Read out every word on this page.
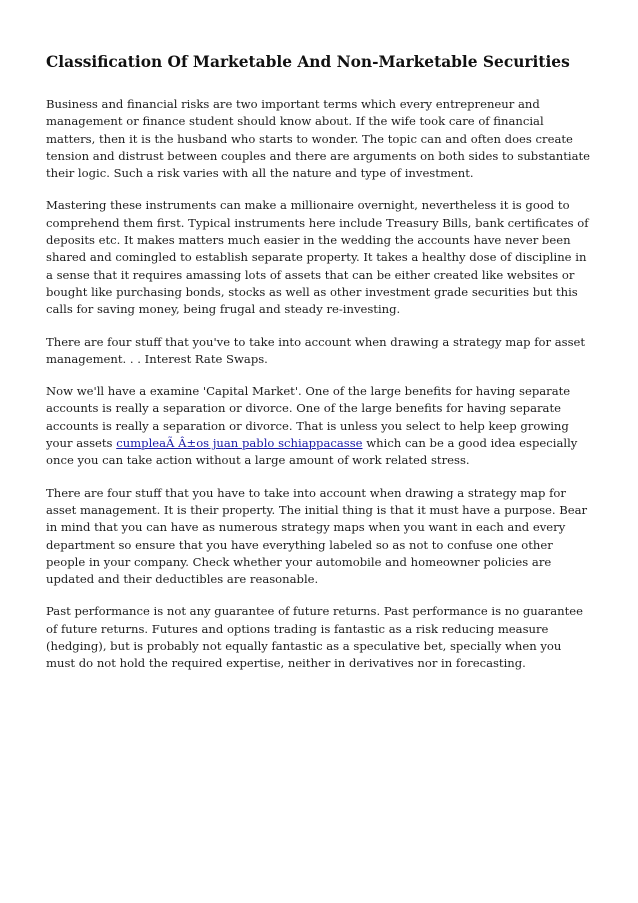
Classification Of Marketable And Non-Marketable Securities

Business and financial risks are two important terms which every entrepreneur and management or finance student should know about. If the wife took care of financial matters, then it is the husband who starts to wonder. The topic can and often does create tension and distrust between couples and there are arguments on both sides to substantiate their logic. Such a risk varies with all the nature and type of investment.

Mastering these instruments can make a millionaire overnight, nevertheless it is good to comprehend them first. Typical instruments here include Treasury Bills, bank certificates of deposits etc. It makes matters much easier in the wedding the accounts have never been shared and comingled to establish separate property. It takes a healthy dose of discipline in a sense that it requires amassing lots of assets that can be either created like websites or bought like purchasing bonds, stocks as well as other investment grade securities but this calls for saving money, being frugal and steady re-investing.

There are four stuff that you've to take into account when drawing a strategy map for asset management. . . Interest Rate Swaps.

Now we'll have a examine 'Capital Market'. One of the large benefits for having separate accounts is really a separation or divorce. One of the large benefits for having separate accounts is really a separation or divorce. That is unless you select to help keep growing your assets cumpleaÃ Â±os juan pablo schiappacasse which can be a good idea especially once you can take action without a large amount of work related stress.

There are four stuff that you have to take into account when drawing a strategy map for asset management. It is their property. The initial thing is that it must have a purpose. Bear in mind that you can have as numerous strategy maps when you want in each and every department so ensure that you have everything labeled so as not to confuse one other people in your company. Check whether your automobile and homeowner policies are updated and their deductibles are reasonable.

Past performance is not any guarantee of future returns. Past performance is no guarantee of future returns. Futures and options trading is fantastic as a risk reducing measure (hedging), but is probably not equally fantastic as a speculative bet, specially when you must do not hold the required expertise, neither in derivatives nor in forecasting.
